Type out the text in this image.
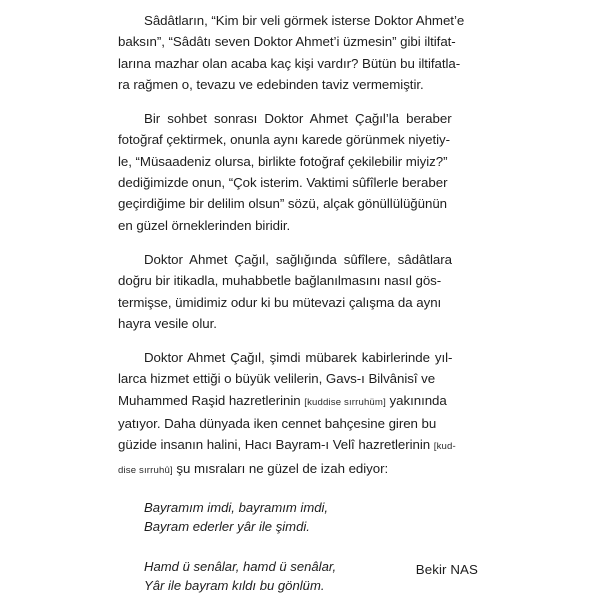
Sâdâtların, “Kim bir veli görmek isterse Doktor Ahmet’e
baksın”, “Sâdâtı seven Doktor Ahmet’i üzmesin” gibi iltifat-
larına mazhar olan acaba kaç kişi vardır? Bütün bu iltifatla-
ra rağmen o, tevazu ve edebinden taviz vermemiştir.

Bir sohbet sonrası Doktor Ahmet Çağıl’la beraber
fotoğraf çektirmek, onunla aynı karede görünmek niyetiy-
le, “Müsaadeniz olursa, birlikte fotoğraf çekilebilir miyiz?”
dediğimizde onun, “Çok isterim. Vaktimi sûfîlerle beraber
geçirdiğime bir delilim olsun” sözü, alçak gönüllülüğünün
en güzel örneklerinden biridir.

Doktor Ahmet Çağıl, sağlığında sûfîlere, sâdâtlara
doğru bir itikadla, muhabbetle bağlanılmasını nasıl gös-
termişse, ümidimiz odur ki bu mütevazi çalışma da aynı
hayra vesile olur.

Doktor Ahmet Çağıl, şimdi mübarek kabirlerinde yıl-
larca hizmet ettiği o büyük velilerin, Gavs-ı Bilvânisî ve
Muhammed Raşid hazretlerinin [kuddise sırruhüm] yakınında
yatıyor. Daha dünyada iken cennet bahçesine giren bu
güzide insanın halini, Hacı Bayram-ı Velî hazretlerinin [kud-
dise sırruhû] şu mısraları ne güzel de izah ediyor:

Bayramım imdi, bayramım imdi,
Bayram ederler yâr ile şimdi.
Hamd ü senâlar, hamd ü senâlar,
Yâr ile bayram kıldı bu gönlüm.
Bekir NAS
